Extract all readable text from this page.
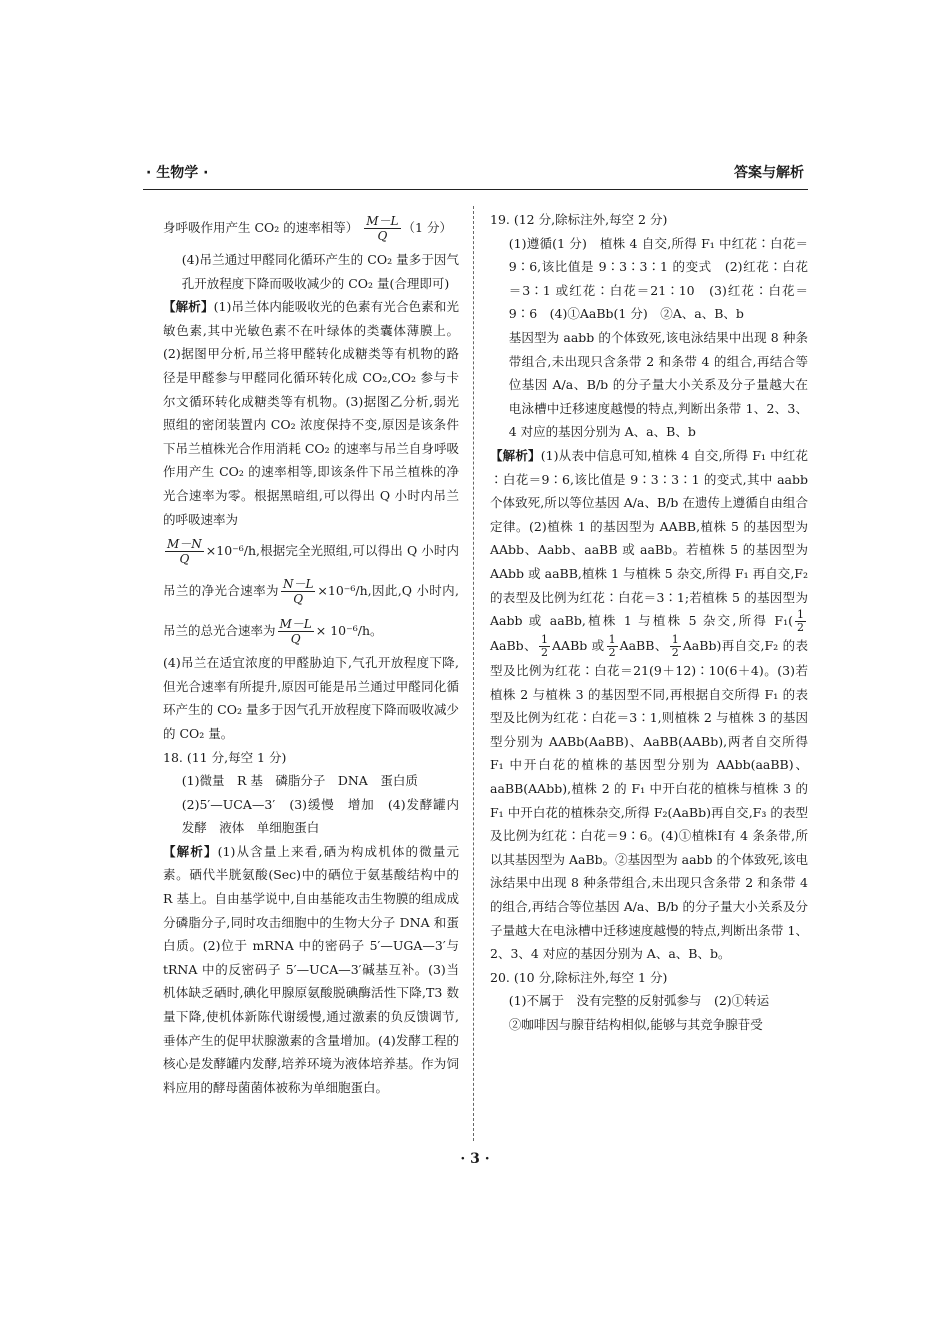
· 生物学 ·	答案与解析

身呼吸作用产生 CO₂ 的速率相等） $\frac{M-L}{Q} (1$ 分）

(4)吊兰通过甲醛同化循环产生的 CO₂ 量多于因气孔开放程度下降而吸收减少的 CO₂ 量(合理即可)

【解析】(1)吊兰体内能吸收光的色素有光合色素和光敏色素,其中光敏色素不在叶绿体的类囊体薄膜上。(2)据图甲分析,吊兰将甲醛转化成糖类等有机物的路径是甲醛参与甲醛同化循环转化成 CO₂,CO₂ 参与卡尔文循环转化成糖类等有机物。(3)据图乙分析,弱光照组的密闭装置内 CO₂ 浓度保持不变,原因是该条件下吊兰植株光合作用消耗 CO₂ 的速率与吊兰自身呼吸作用产生 CO₂ 的速率相等,即该条件下吊兰植株的净光合速率为零。根据黑暗组,可以得出 Q 小时内吊兰的呼吸速率为

$\frac{M-N}{Q} \times 10^{-6}/h$,根据完全光照组,可以得出 Q 小时内吊兰的净光合速率为 $\frac{N-L}{Q} \times 10^{-6}/h$,因此,Q 小时内,吊兰的总光合速率为 $\frac{M-L}{Q} \times 10^{-6}/h$。

(4)吊兰在适宜浓度的甲醛胁迫下,气孔开放程度下降,但光合速率有所提升,原因可能是吊兰通过甲醛同化循环产生的 CO₂ 量多于因气孔开放程度下降而吸收减少的 CO₂ 量。

18. (11 分,每空 1 分)

(1)微量　R 基　磷脂分子　DNA　蛋白质

(2)5′—UCA—3′　(3)缓慢　增加　(4)发酵罐内发酵　液体　单细胞蛋白

【解析】(1)从含量上来看,硒为构成机体的微量元素。硒代半胱氨酸(Sec)中的硒位于氨基酸结构中的 R 基上。自由基学说中,自由基能攻击生物膜的组成成分磷脂分子,同时攻击细胞中的生物大分子 DNA 和蛋白质。(2)位于 mRNA 中的密码子 5′—UGA—3′与 tRNA 中的反密码子 5′—UCA—3′碱基互补。(3)当机体缺乏硒时,碘化甲腺原氨酸脱碘酶活性下降,T3 数量下降,使机体新陈代谢缓慢,通过激素的负反馈调节,垂体产生的促甲状腺激素的含量增加。(4)发酵工程的核心是发酵罐内发酵,培养环境为液体培养基。作为饲料应用的酵母菌菌体被称为单细胞蛋白。

19. (12 分,除标注外,每空 2 分)

(1)遵循(1 分)　植株 4 自交,所得 F₁ 中红花∶白花＝9∶6,该比值是 9∶3∶3∶1 的变式　(2)红花∶白花＝3∶1 或红花∶白花＝21∶10　(3)红花∶白花＝9∶6　(4)①AaBb(1 分)　②A、a、B、b

基因型为 aabb 的个体致死,该电泳结果中出现 8 种条带组合,未出现只含条带 2 和条带 4 的组合,再结合等位基因 A/a、B/b 的分子量大小关系及分子量越大在电泳槽中迁移速度越慢的特点,判断出条带 1、2、3、4 对应的基因分别为 A、a、B、b

【解析】(1)从表中信息可知,植株 4 自交,所得 F₁ 中红花∶白花＝9∶6,该比值是 9∶3∶3∶1 的变式,其中 aabb 个体致死,所以等位基因 A/a、B/b 在遗传上遵循自由组合定律。(2)植株 1 的基因型为 AABB,植株 5 的基因型为 AAbb、Aabb、aaBB 或 aaBb。若植株 5 的基因型为 AAbb 或 aaBB,植株 1 与植株 5 杂交,所得 F₁ 再自交,F₂ 的表型及比例为红花∶白花＝3∶1;若植株 5 的基因型为 Aabb 或 aaBb,植株 1 与植株 5 杂交,所得 $F_1( \frac{1}{2}$
AaBb、 $\frac{1}{2}$ AABb 或 $\frac{1}{2}$ AaBB、 $\frac{1}{2}$ AaBb)再自交,F₂ 的表型及比例为红花∶白花＝21(9＋12)∶10(6＋4)。(3)若植株 2 与植株 3 的基因型不同,再根据自交所得 F₁ 的表型及比例为红花∶白花＝3∶1,则植株 2 与植株 3 的基因型分别为 AABb(AaBB)、AaBB(AABb),两者自交所得 F₁ 中开白花的植株的基因型分别为 AAbb(aaBB)、aaBB(AAbb),植株 2 的 F₁ 中开白花的植株与植株 3 的 F₁ 中开白花的植株杂交,所得 F₂(AaBb)再自交,F₃ 的表型及比例为红花∶白花＝9∶6。(4)①植株Ⅰ有 4 条条带,所以其基因型为 AaBb。②基因型为 aabb 的个体致死,该电泳结果中出现 8 种条带组合,未出现只含条带 2 和条带 4 的组合,再结合等位基因 A/a、B/b 的分子量大小关系及分子量越大在电泳槽中迁移速度越慢的特点,判断出条带 1、2、3、4 对应的基因分别为 A、a、B、b。

20. (10 分,除标注外,每空 1 分)

(1)不属于　没有完整的反射弧参与　(2)①转运

②咖啡因与腺苷结构相似,能够与其竞争腺苷受

· 3 ·
